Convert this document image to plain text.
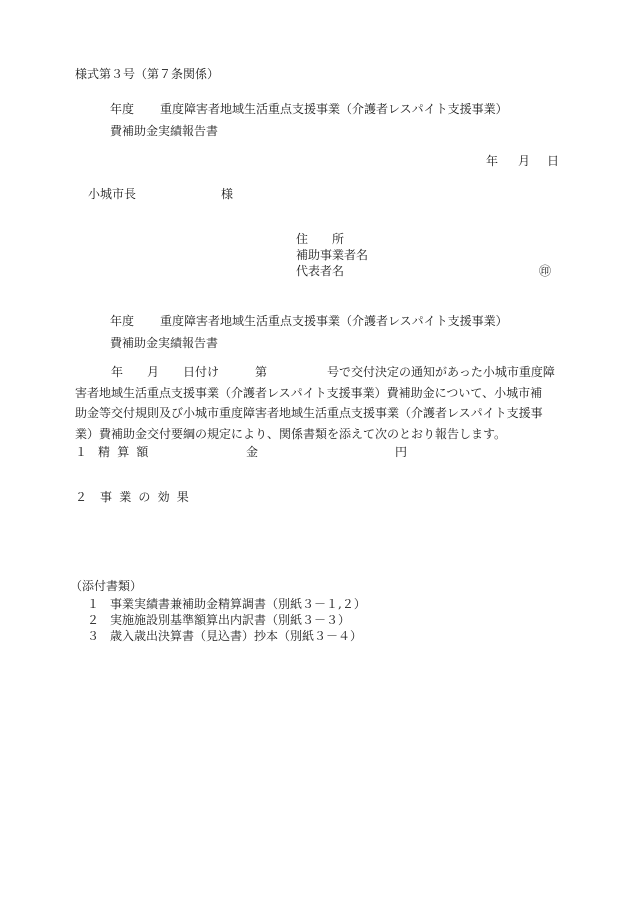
様式第３号（第７条関係）
年度 重度障害者地域生活重点支援事業（介護者レスパイト支援事業）
費補助金実績報告書
年 月 日
小城市長	様
住　　所
補助事業者名
代表者名	㊞
年度 重度障害者地域生活重点支援事業（介護者レスパイト支援事業）
費補助金実績報告書
　　　年　　月　　日付け　　　第　　　　　号で交付決定の通知があった小城市重度障
害者地域生活重点支援事業（介護者レスパイト支援事業）費補助金について、小城市補
助金等交付規則及び小城市重度障害者地域生活重点支援事業（介護者レスパイト支援事
業）費補助金交付要綱の規定により、関係書類を添えて次のとおり報告します。
１ 精算額	金	円
２ 事業の効果
（添付書類）
１ 事業実績書兼補助金精算調書（別紙３－１,２）
２ 実施施設別基準額算出内訳書（別紙３－３）
３ 歳入歳出決算書（見込書）抄本（別紙３－４）
